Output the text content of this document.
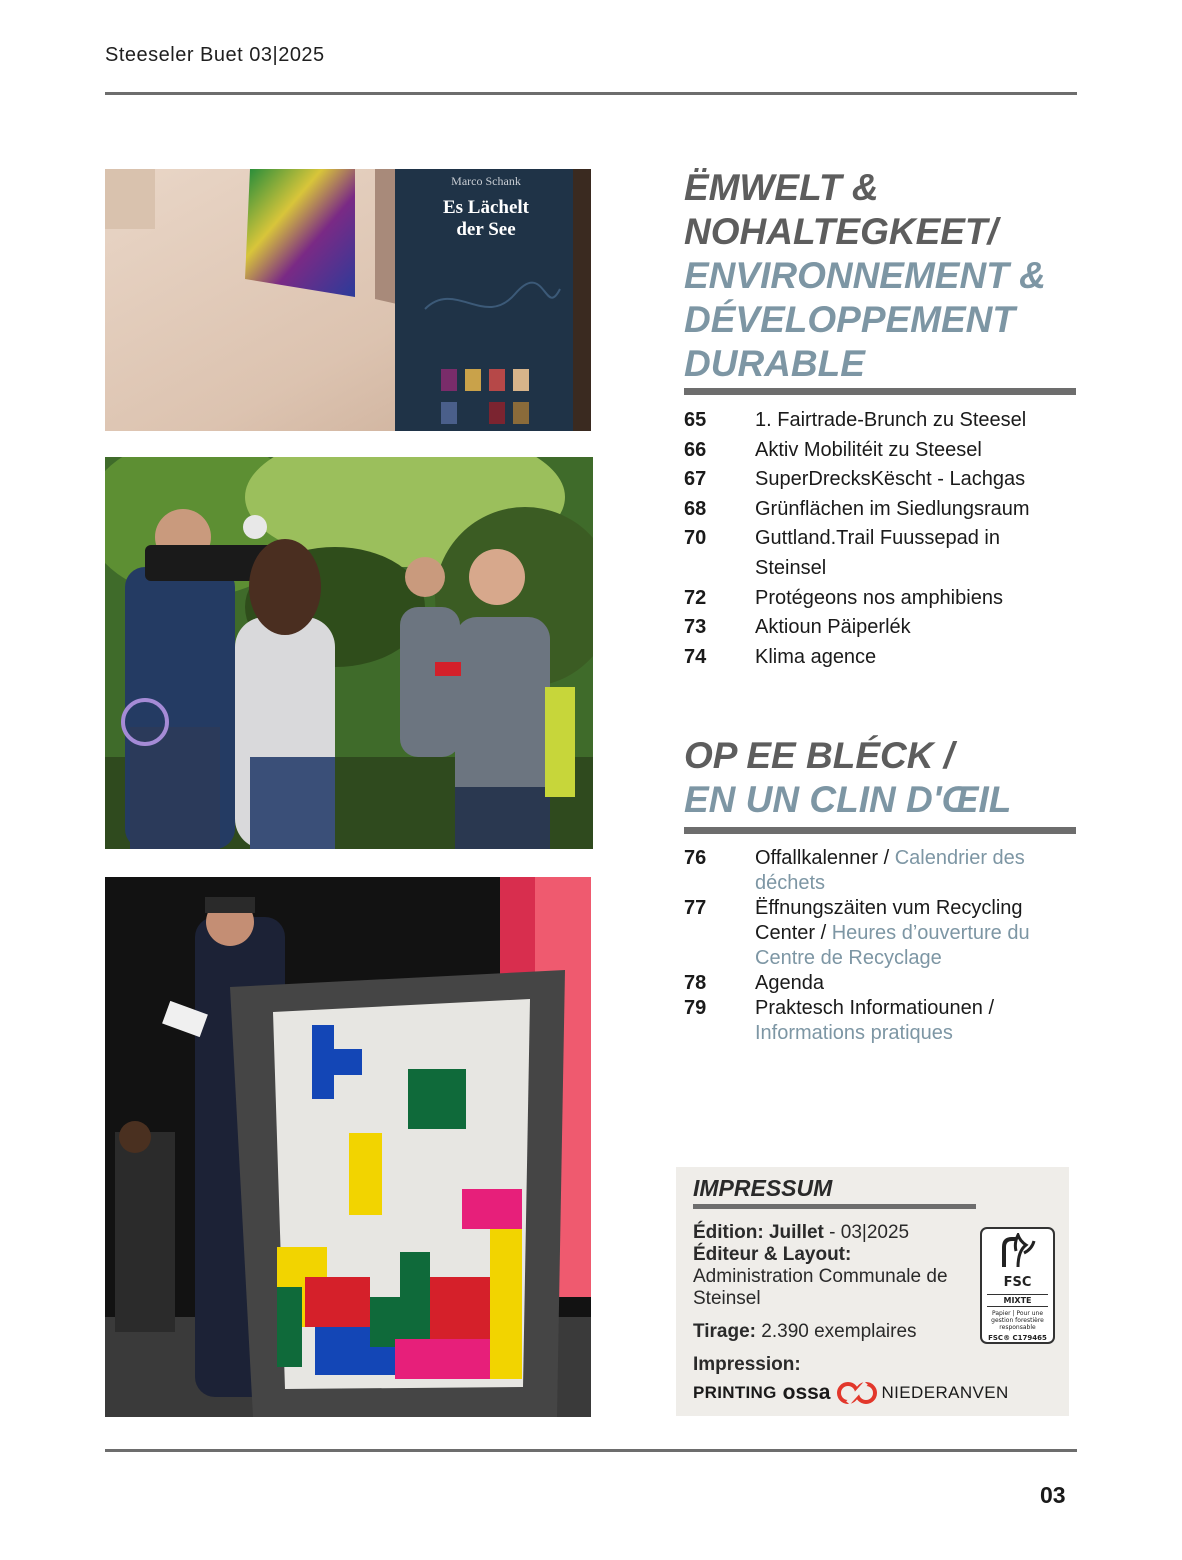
Steeseler Buet 03|2025
Marco Schank
Es Lächelt
der See
ËMWELT &
NOHALTEGKEET/
ENVIRONNEMENT &
DÉVELOPPEMENT
DURABLE
65	1. Fairtrade-Brunch zu Steesel
66	Aktiv Mobilitéit zu Steesel
67	SuperDrecksKëscht - Lachgas
68	Grünflächen im Siedlungsraum
70	Guttland.Trail Fuussepad in Steinsel
72	Protégeons nos amphibiens
73	Aktioun Päiperlék
74	Klima agence
OP EE BLÉCK /
EN UN CLIN D'ŒIL
76	Offallkalenner / Calendrier des déchets
77	Ëffnungszäiten vum Recycling Center / Heures d’ouverture du Centre de Recyclage
78	Agenda
79	Praktesch Informatiounen / Informations pratiques
IMPRESSUM
Édition: Juillet - 03|2025
Éditeur & Layout:
Administration Communale de Steinsel
Tirage: 2.390 exemplaires
Impression:
PRINTING ossa	NIEDERANVEN
FSC
MIXTE
Papier | Pour une gestion forestière responsable
FSC® C179465
03
